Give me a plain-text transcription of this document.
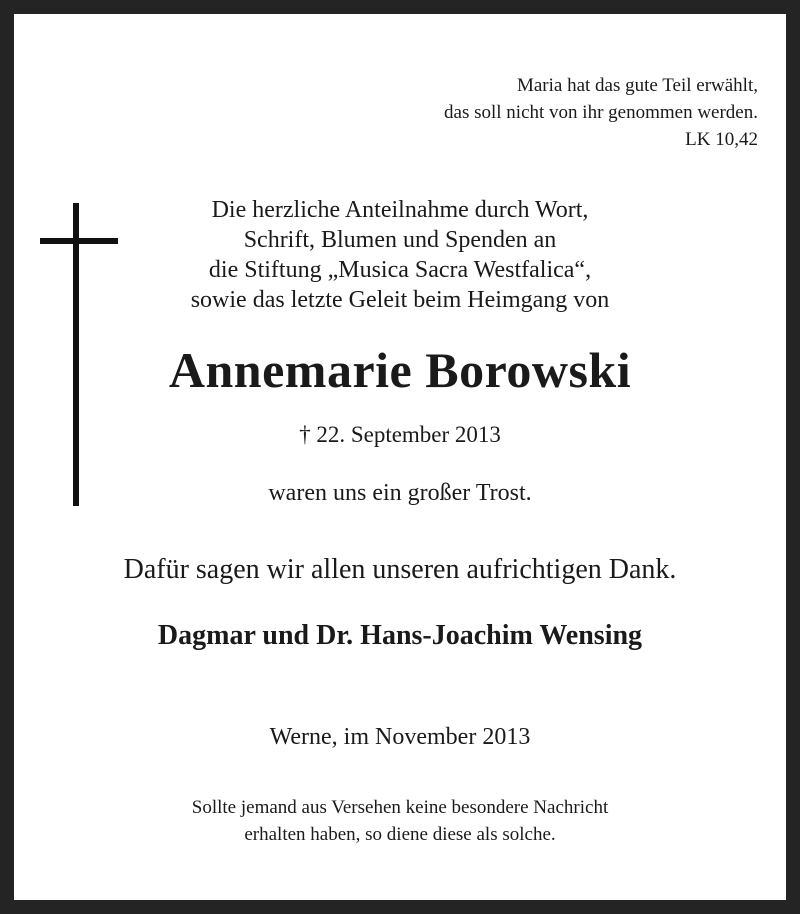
Maria hat das gute Teil erwählt,
das soll nicht von ihr genommen werden.
LK 10,42
Die herzliche Anteilnahme durch Wort,
Schrift, Blumen und Spenden an
die Stiftung „Musica Sacra Westfalica“,
sowie das letzte Geleit beim Heimgang von
Annemarie Borowski
† 22. September 2013
waren uns ein großer Trost.
Dafür sagen wir allen unseren aufrichtigen Dank.
Dagmar und Dr. Hans-Joachim Wensing
Werne, im November 2013
Sollte jemand aus Versehen keine besondere Nachricht
erhalten haben, so diene diese als solche.
